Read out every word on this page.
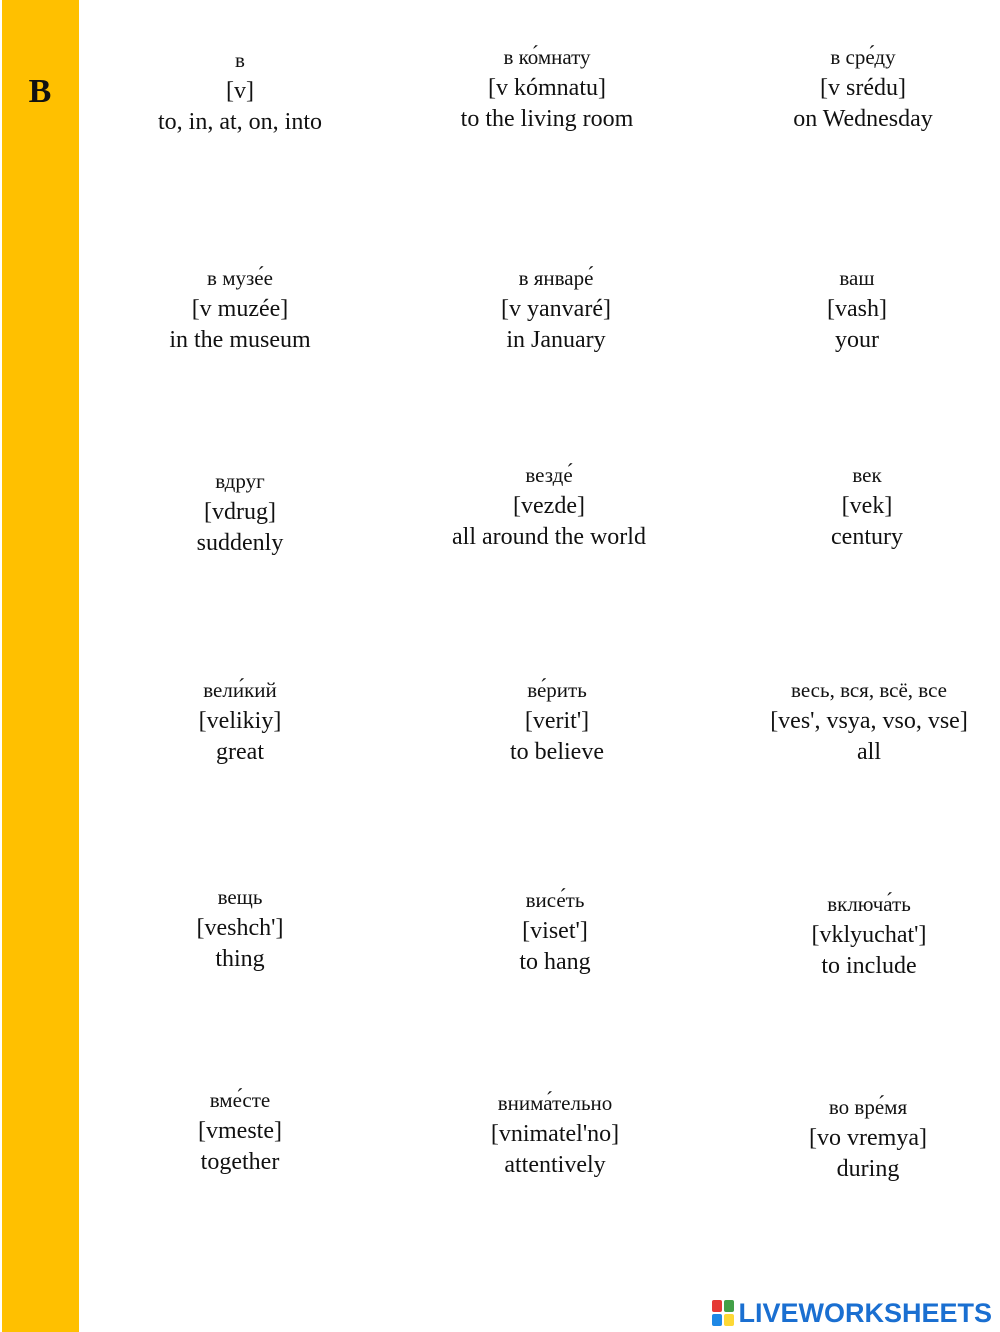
В
в
[v]
to, in, at, on, into
в ко́мнату
[v kómnatu]
to the living room
в сре́ду
[v srédu]
on Wednesday
в музе́е
[v muzée]
in the museum
в январе́
[v yanvaré]
in January
ваш
[vash]
your
вдруг
[vdrug]
suddenly
везде́
[vezde]
all around the world
век
[vek]
century
вели́кий
[velikiy]
great
ве́рить
[verit']
to believe
весь, вся, всё, все
[ves', vsya, vso, vse]
all
вещь
[veshch']
thing
висе́ть
[viset']
to hang
включа́ть
[vklyuchat']
to include
вме́сте
[vmeste]
together
внима́тельно
[vnimatel'no]
attentively
во вре́мя
[vo vremya]
during
LIVEWORKSHEETS
